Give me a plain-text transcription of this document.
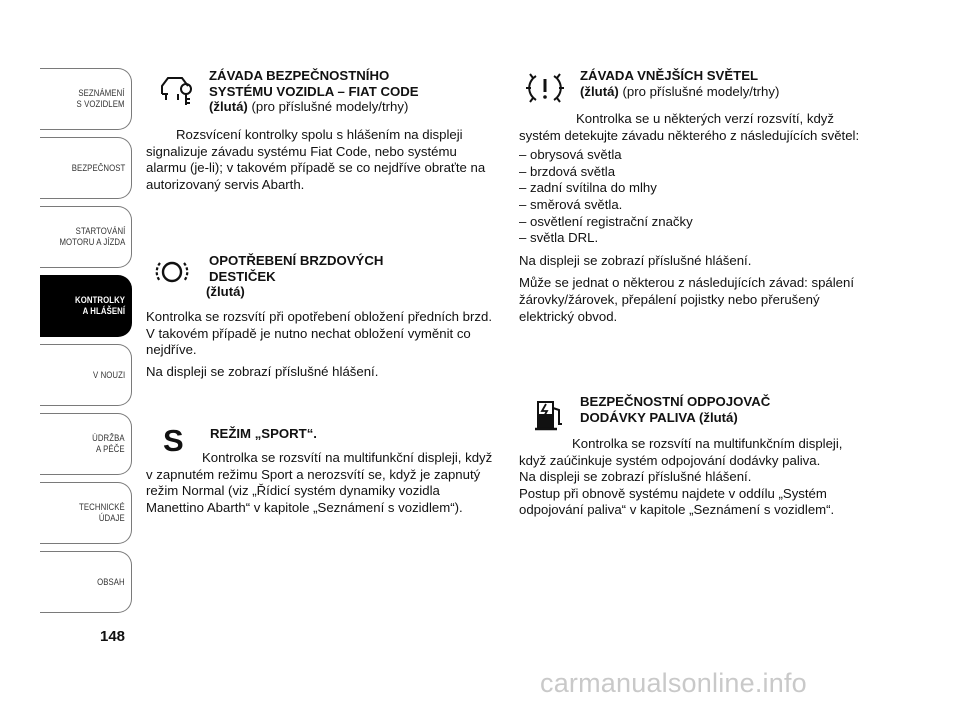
SEZNÁMENÍ
S VOZIDLEM
BEZPEČNOST
STARTOVÁNÍ
MOTORU A JÍZDA
KONTROLKY
A HLÁŠENÍ
V NOUZI
ÚDRŽBA
A PÉČE
TECHNICKÉ
ÚDAJE
OBSAH
148
ZÁVADA BEZPEČNOSTNÍHO
SYSTÉMU VOZIDLA – FIAT CODE
(žlutá) (pro příslušné modely/trhy)

Rozsvícení kontrolky spolu s hlášením na displeji signalizuje závadu systému Fiat Code, nebo systému alarmu (je-li); v takovém případě se co nejdříve obraťte na autorizovaný servis Abarth.

OPOTŘEBENÍ BRZDOVÝCH
DESTIČEK
(žlutá)

Kontrolka se rozsvítí při opotřebení obložení předních brzd. V takovém případě je nutno nechat obložení vyměnit co nejdříve.

Na displeji se zobrazí příslušné hlášení.

S REŽIM „SPORT“.

Kontrolka se rozsvítí na multifunkční displeji, když v zapnutém režimu Sport a nerozsvítí se, když je zapnutý režim Normal (viz „Řídicí systém dynamiky vozidla Manettino Abarth“ v kapitole „Seznámení s vozidlem“).

ZÁVADA VNĚJŠÍCH SVĚTEL
(žlutá) (pro příslušné modely/trhy)

Kontrolka se u některých verzí rozsvítí, když systém detekujte závadu některého z následujících světel:

– obrysová světla
– brzdová světla
– zadní svítilna do mlhy
– směrová světla.
– osvětlení registrační značky
– světla DRL.

Na displeji se zobrazí příslušné hlášení.

Může se jednat o některou z následujících závad: spálení žárovky/žárovek, přepálení pojistky nebo přerušený elektrický obvod.

BEZPEČNOSTNÍ ODPOJOVAČ
DODÁVKY PALIVA (žlutá)

Kontrolka se rozsvítí na multifunkčním displeji, když zaúčinkuje systém odpojování dodávky paliva.

Na displeji se zobrazí příslušné hlášení.

Postup při obnově systému najdete v oddílu „Systém odpojování paliva“ v kapitole „Seznámení s vozidlem“.

carmanualsonline.info
